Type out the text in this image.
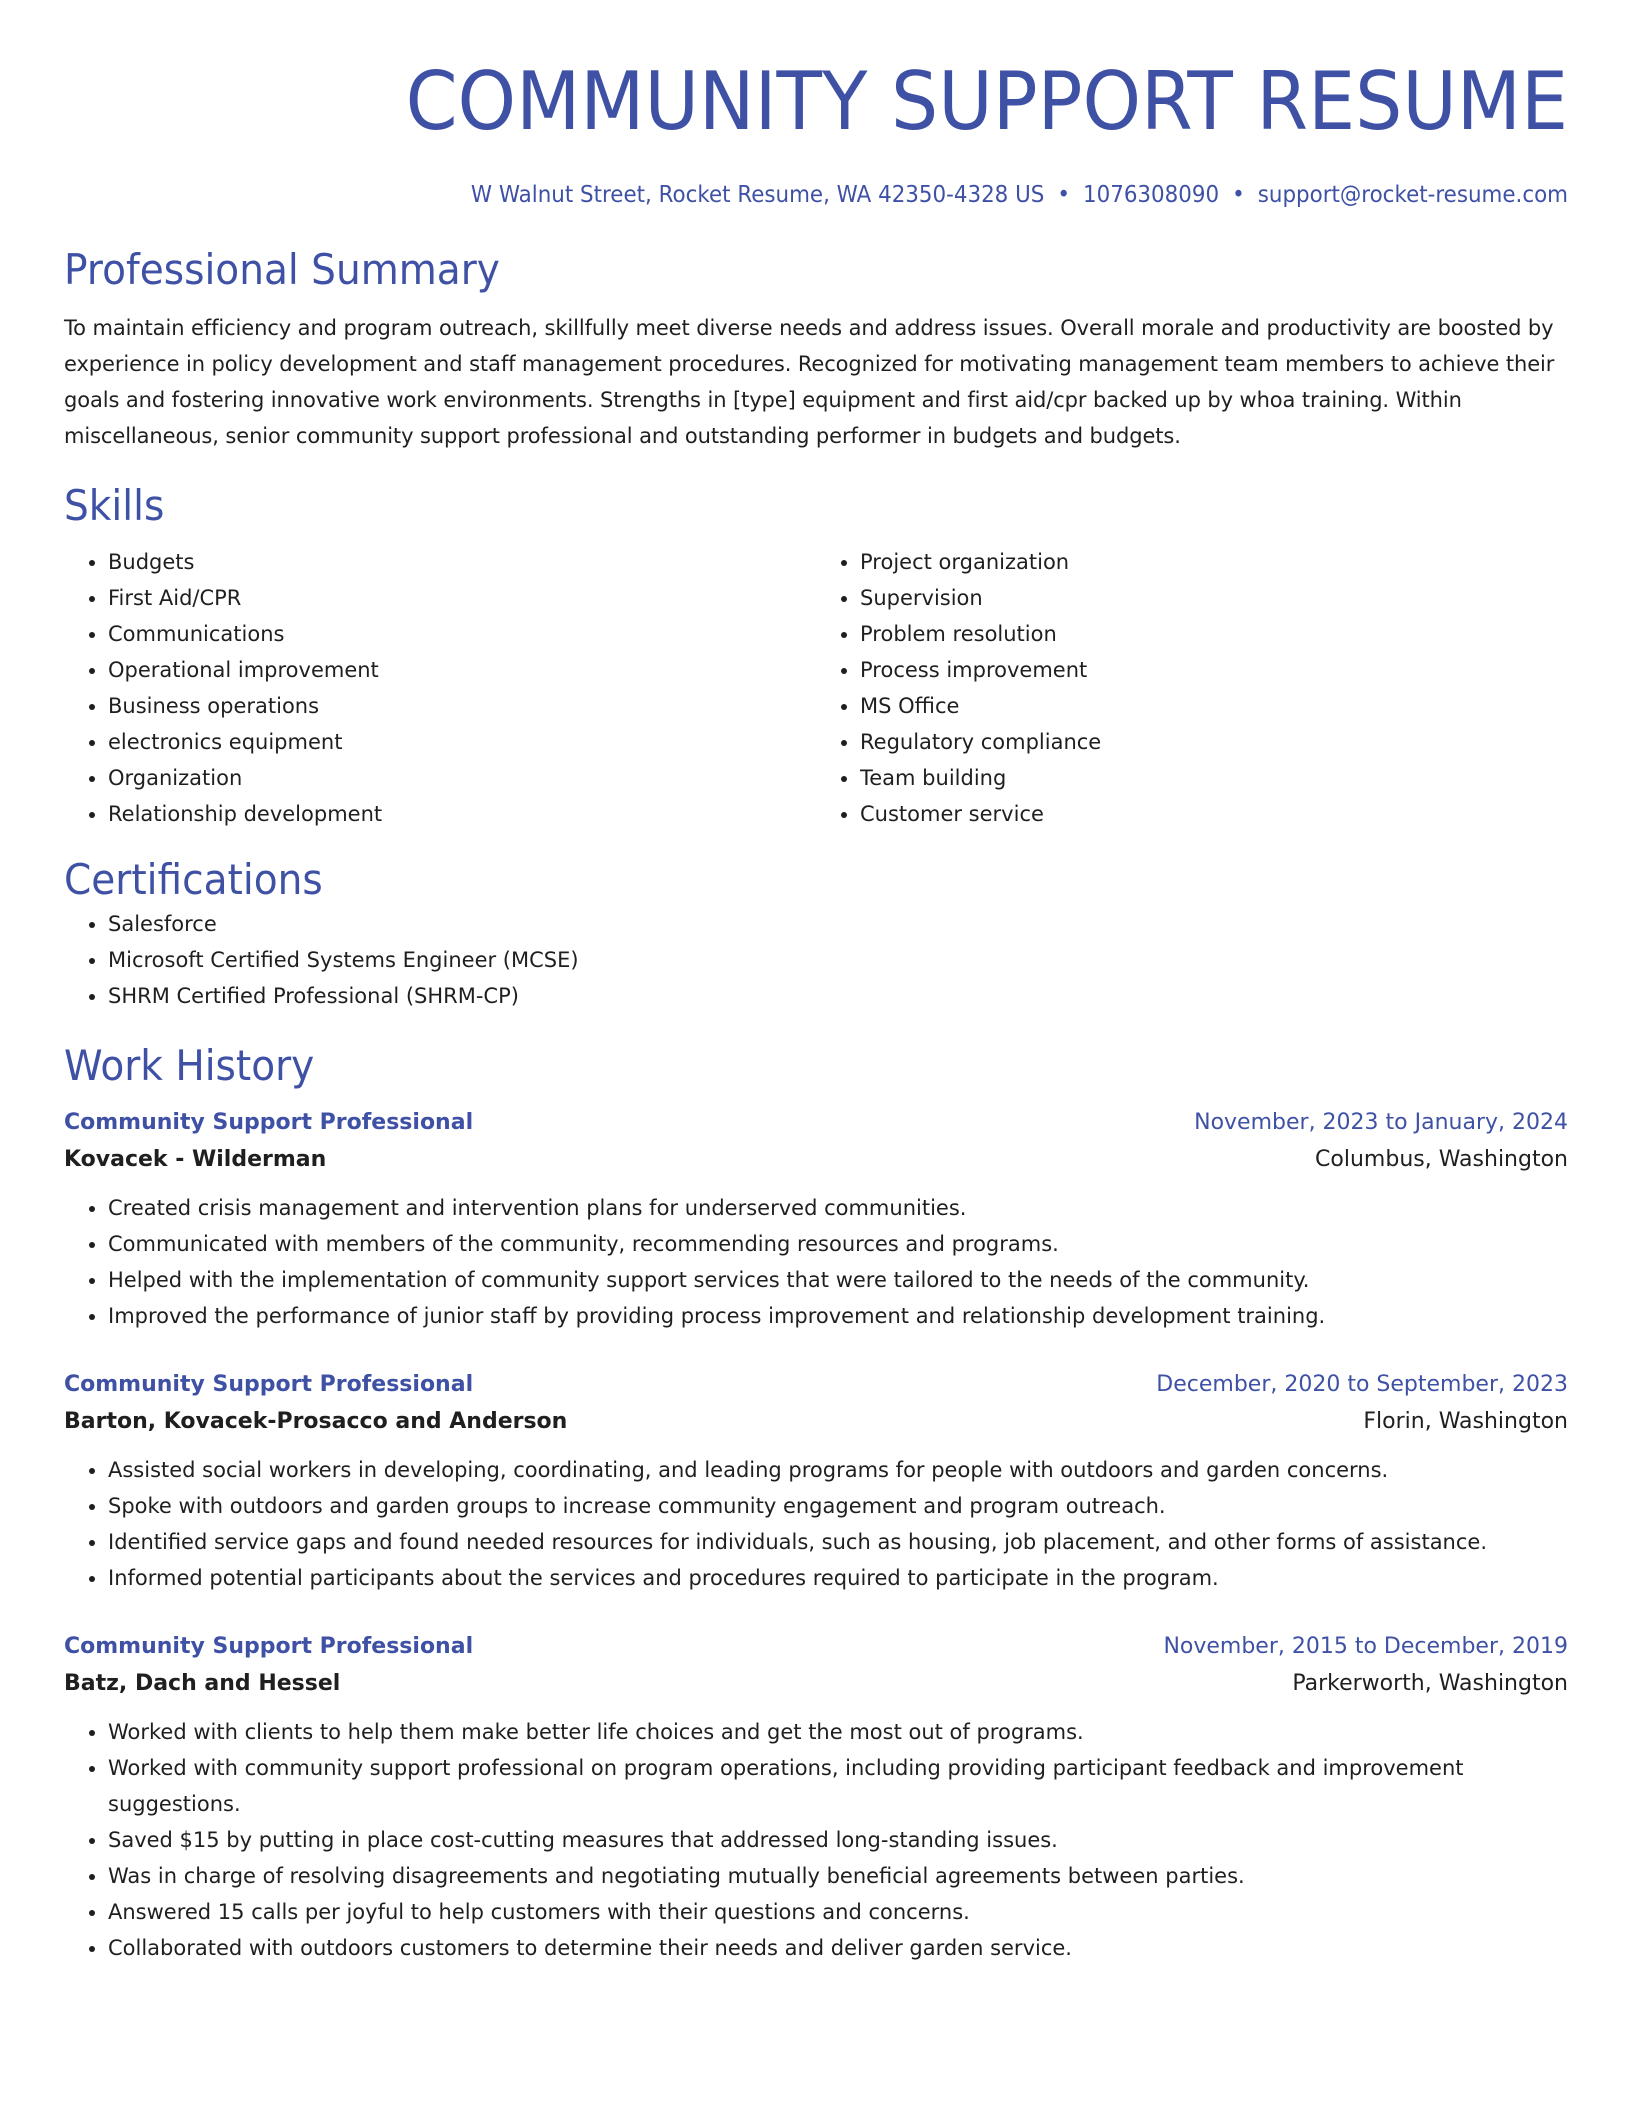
COMMUNITY SUPPORT RESUME
W Walnut Street, Rocket Resume, WA 42350-4328 US • 1076308090 • support@rocket-resume.com
Professional Summary

To maintain efficiency and program outreach, skillfully meet diverse needs and address issues. Overall morale and productivity are boosted by experience in policy development and staff management procedures. Recognized for motivating management team members to achieve their goals and fostering innovative work environments. Strengths in [type] equipment and first aid/cpr backed up by whoa training. Within miscellaneous, senior community support professional and outstanding performer in budgets and budgets.

Skills
• Budgets
• First Aid/CPR
• Communications
• Operational improvement
• Business operations
• electronics equipment
• Organization
• Relationship development
• Project organization
• Supervision
• Problem resolution
• Process improvement
• MS Office
• Regulatory compliance
• Team building
• Customer service
Certifications
• Salesforce
• Microsoft Certified Systems Engineer (MCSE)
• SHRM Certified Professional (SHRM-CP)
Work History
Community Support Professional	November, 2023 to January, 2024
Kovacek - Wilderman	Columbus, Washington
• Created crisis management and intervention plans for underserved communities.
• Communicated with members of the community, recommending resources and programs.
• Helped with the implementation of community support services that were tailored to the needs of the community.
• Improved the performance of junior staff by providing process improvement and relationship development training.
Community Support Professional	December, 2020 to September, 2023
Barton, Kovacek-Prosacco and Anderson	Florin, Washington
• Assisted social workers in developing, coordinating, and leading programs for people with outdoors and garden concerns.
• Spoke with outdoors and garden groups to increase community engagement and program outreach.
• Identified service gaps and found needed resources for individuals, such as housing, job placement, and other forms of assistance.
• Informed potential participants about the services and procedures required to participate in the program.
Community Support Professional	November, 2015 to December, 2019
Batz, Dach and Hessel	Parkerworth, Washington
• Worked with clients to help them make better life choices and get the most out of programs.
• Worked with community support professional on program operations, including providing participant feedback and improvement suggestions.
• Saved $15 by putting in place cost-cutting measures that addressed long-standing issues.
• Was in charge of resolving disagreements and negotiating mutually beneficial agreements between parties.
• Answered 15 calls per joyful to help customers with their questions and concerns.
• Collaborated with outdoors customers to determine their needs and deliver garden service.
